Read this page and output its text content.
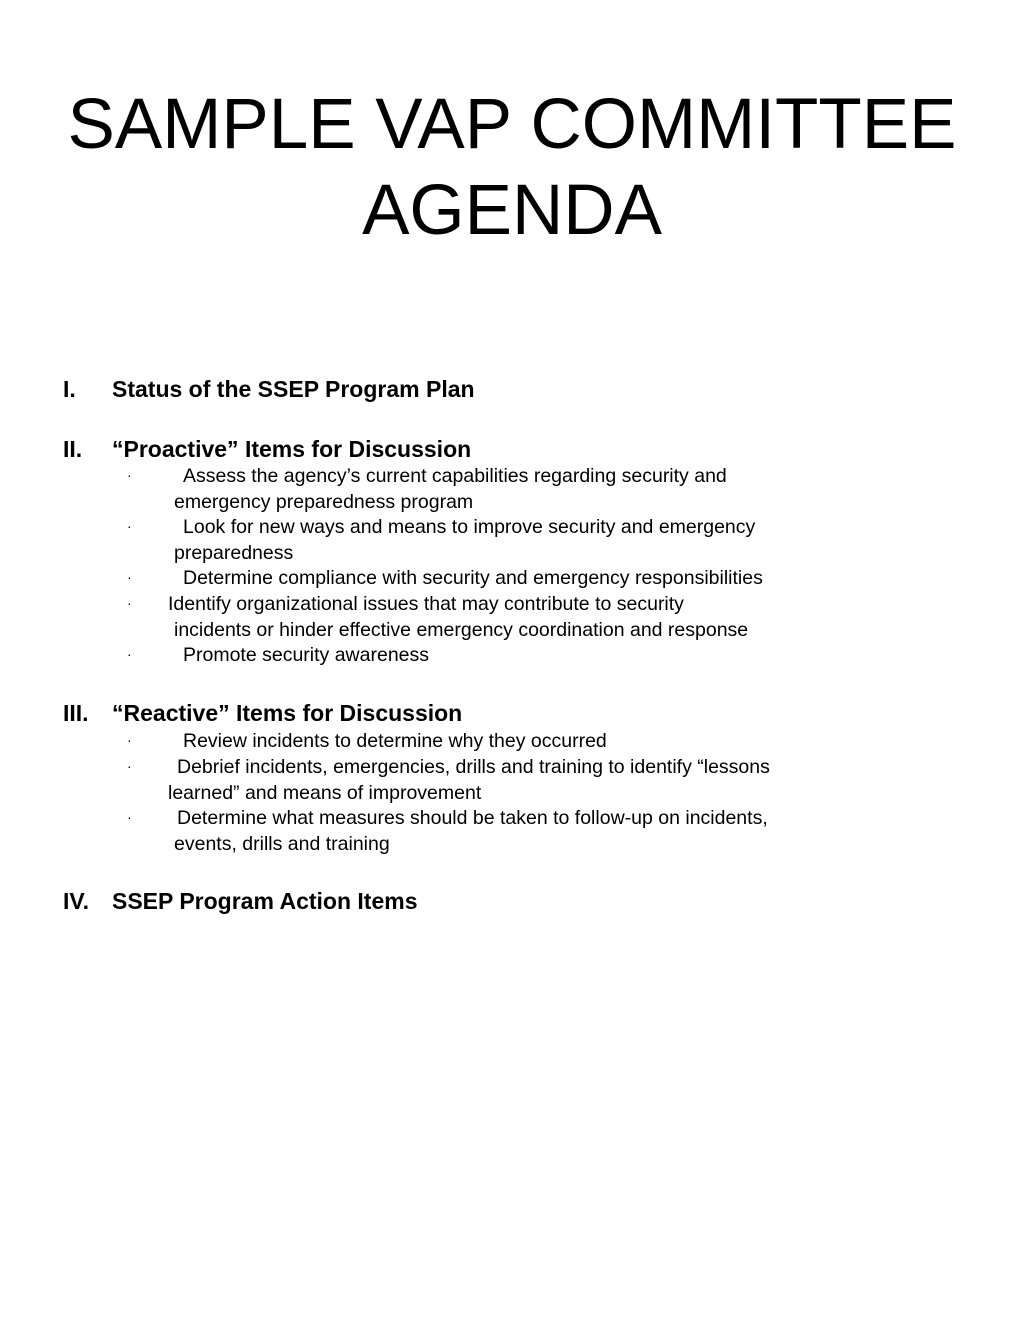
SAMPLE VAP COMMITTEE
AGENDA
I. Status of the SSEP Program Plan
II. “Proactive” Items for Discussion
·	Assess the agency’s current capabilities regarding security and
emergency preparedness program
·	Look for new ways and means to improve security and emergency
preparedness
·	Determine compliance with security and emergency responsibilities
· Identify organizational issues that may contribute to security
incidents or hinder effective emergency coordination and response
·	Promote security awareness
III. “Reactive” Items for Discussion
·	Review incidents to determine why they occurred
· Debrief incidents, emergencies, drills and training to identify “lessons
learned” and means of improvement
· Determine what measures should be taken to follow-up on incidents,
events, drills and training
IV. SSEP Program Action Items
